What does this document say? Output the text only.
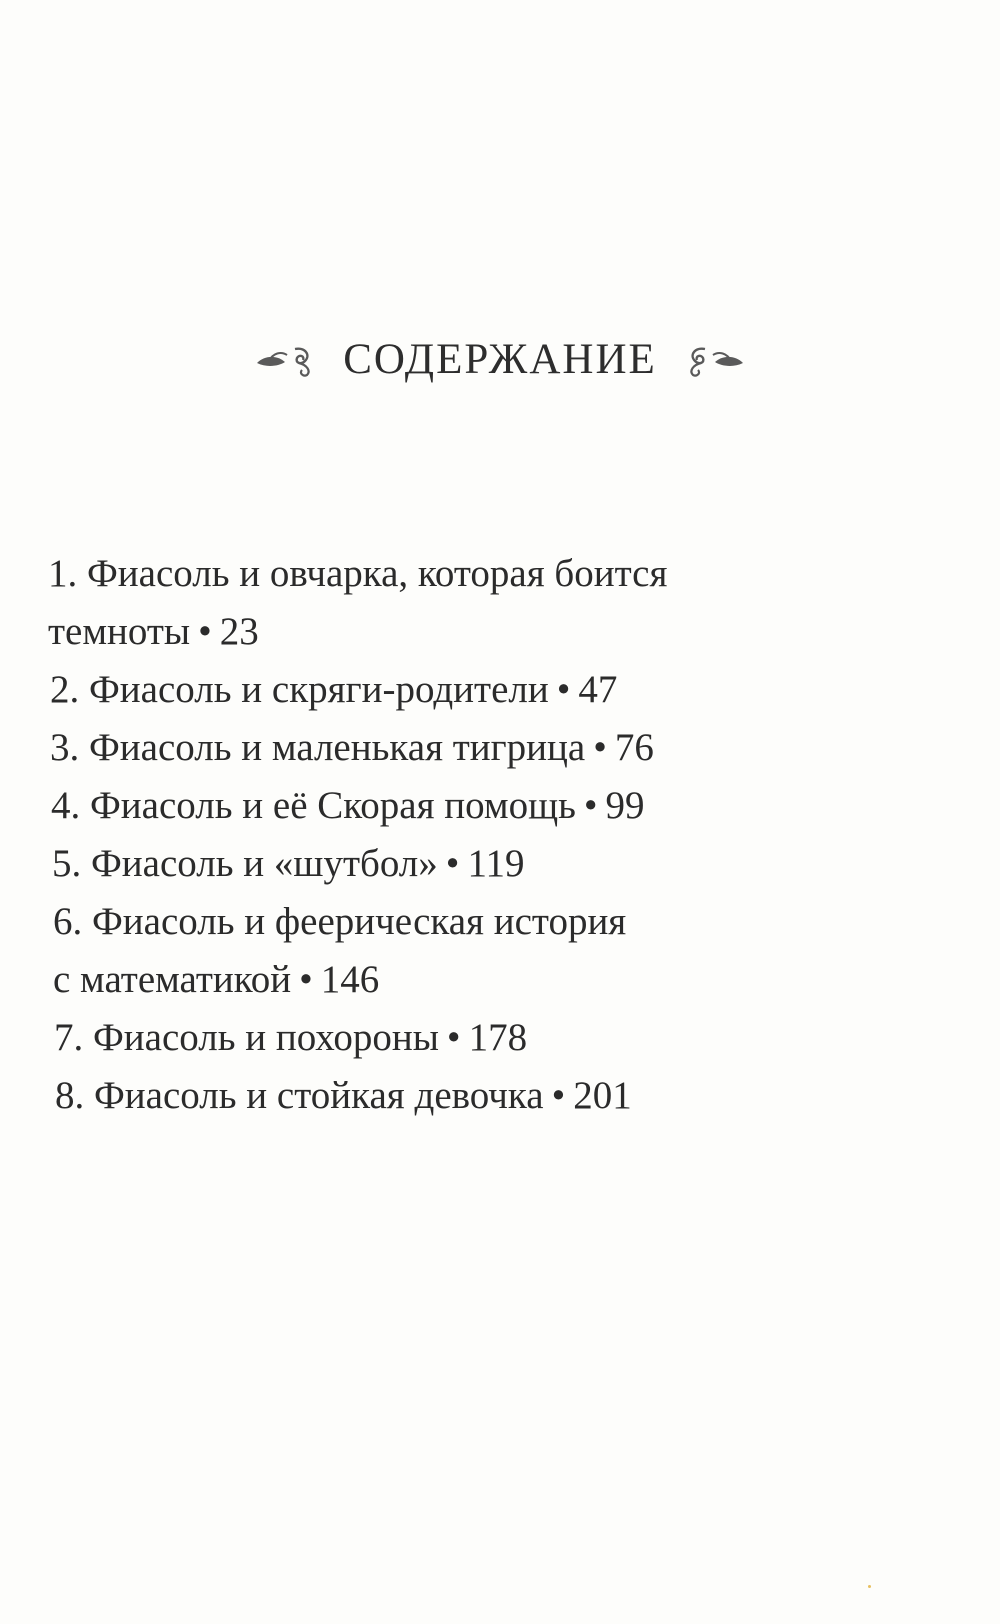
СОДЕРЖАНИЕ
1. Фиасоль и овчарка, которая боится
темноты • 23
2. Фиасоль и скряги-родители • 47
3. Фиасоль и маленькая тигрица • 76
4. Фиасоль и её Скорая помощь • 99
5. Фиасоль и «шутбол» • 119
6. Фиасоль и феерическая история
с математикой • 146
7. Фиасоль и похороны • 178
8. Фиасоль и стойкая девочка • 201
